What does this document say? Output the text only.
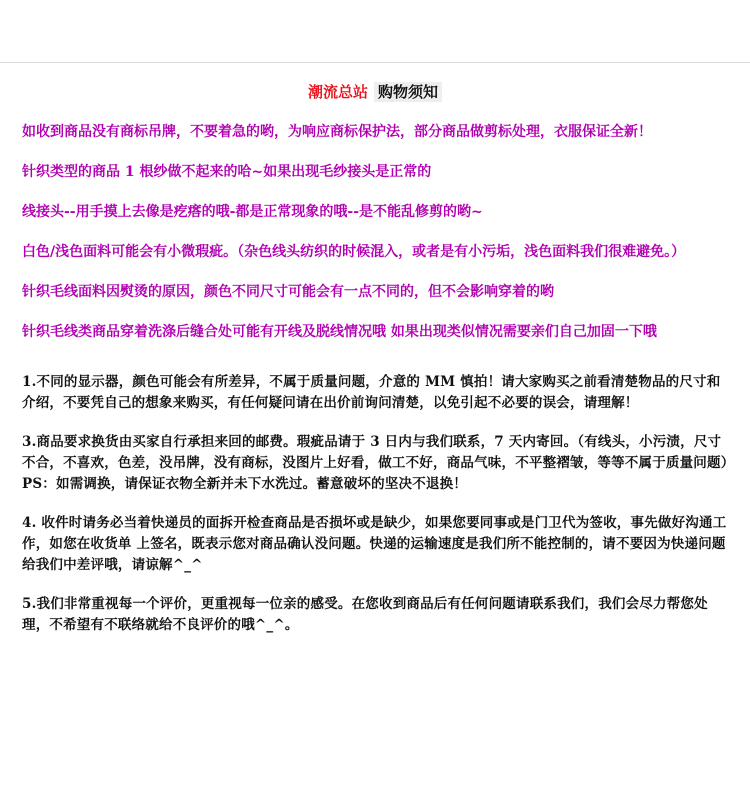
潮流总站 购物须知

如收到商品没有商标吊牌，不要着急的哟，为响应商标保护法，部分商品做剪标处理，衣服保证全新！

针织类型的商品 1 根纱做不起来的哈~如果出现毛纱接头是正常的

线接头--用手摸上去像是疙瘩的哦-都是正常现象的哦--是不能乱修剪的哟~

白色/浅色面料可能会有小微瑕疵。（杂色线头纺织的时候混入，或者是有小污垢，浅色面料我们很难避免。）

针织毛线面料因熨烫的原因，颜色不同尺寸可能会有一点不同的，但不会影响穿着的哟

针织毛线类商品穿着洗涤后缝合处可能有开线及脱线情况哦 如果出现类似情况需要亲们自己加固一下哦

1.不同的显示器，颜色可能会有所差异，不属于质量问题，介意的 MM 慎拍！请大家购买之前看清楚物品的尺寸和介绍，不要凭自己的想象来购买，有任何疑问请在出价前询问清楚，以免引起不必要的误会，请理解！

3.商品要求换货由买家自行承担来回的邮费。瑕疵品请于 3 日内与我们联系，7 天内寄回。（有线头，小污渍，尺寸不合，不喜欢，色差，没吊牌，没有商标，没图片上好看，做工不好，商品气味，不平整褶皱，等等不属于质量问题）
PS：如需调换，请保证衣物全新并未下水洗过。蓄意破坏的坚决不退换！

4. 收件时请务必当着快递员的面拆开检查商品是否损坏或是缺少，如果您要同事或是门卫代为签收，事先做好沟通工作，如您在收货单 上签名，既表示您对商品确认没问题。快递的运输速度是我们所不能控制的，请不要因为快递问题给我们中差评哦，请谅解^_^

5.我们非常重视每一个评价，更重视每一位亲的感受。在您收到商品后有任何问题请联系我们，我们会尽力帮您处理，不希望有不联络就给不良评价的哦^_^。
